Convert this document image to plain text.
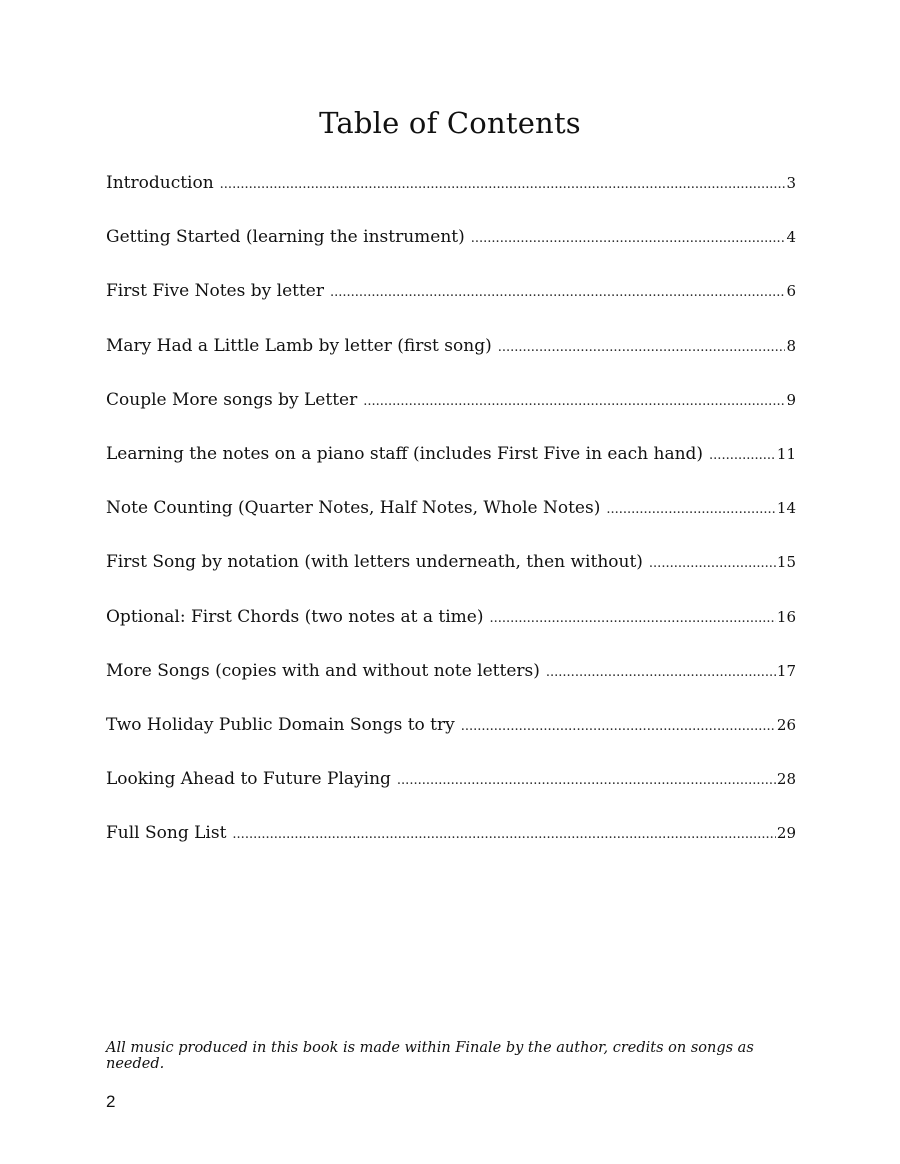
Table of Contents
Introduction .....	3
Getting Started (learning the instrument) .....	4
First Five Notes by letter .....	6
Mary Had a Little Lamb by letter (first song) .....	8
Couple More songs by Letter .....	9
Learning the notes on a piano staff (includes First Five in each hand) .....	11
Note Counting (Quarter Notes, Half Notes, Whole Notes) .....	14
First Song by notation (with letters underneath, then without) .....	15
Optional: First Chords (two notes at a time) .....	16
More Songs (copies with and without note letters) .....	17
Two Holiday Public Domain Songs to try .....	26
Looking Ahead to Future Playing .....	28
Full Song List .....	29

All music produced in this book is made within Finale by the author, credits on songs as needed.

2
